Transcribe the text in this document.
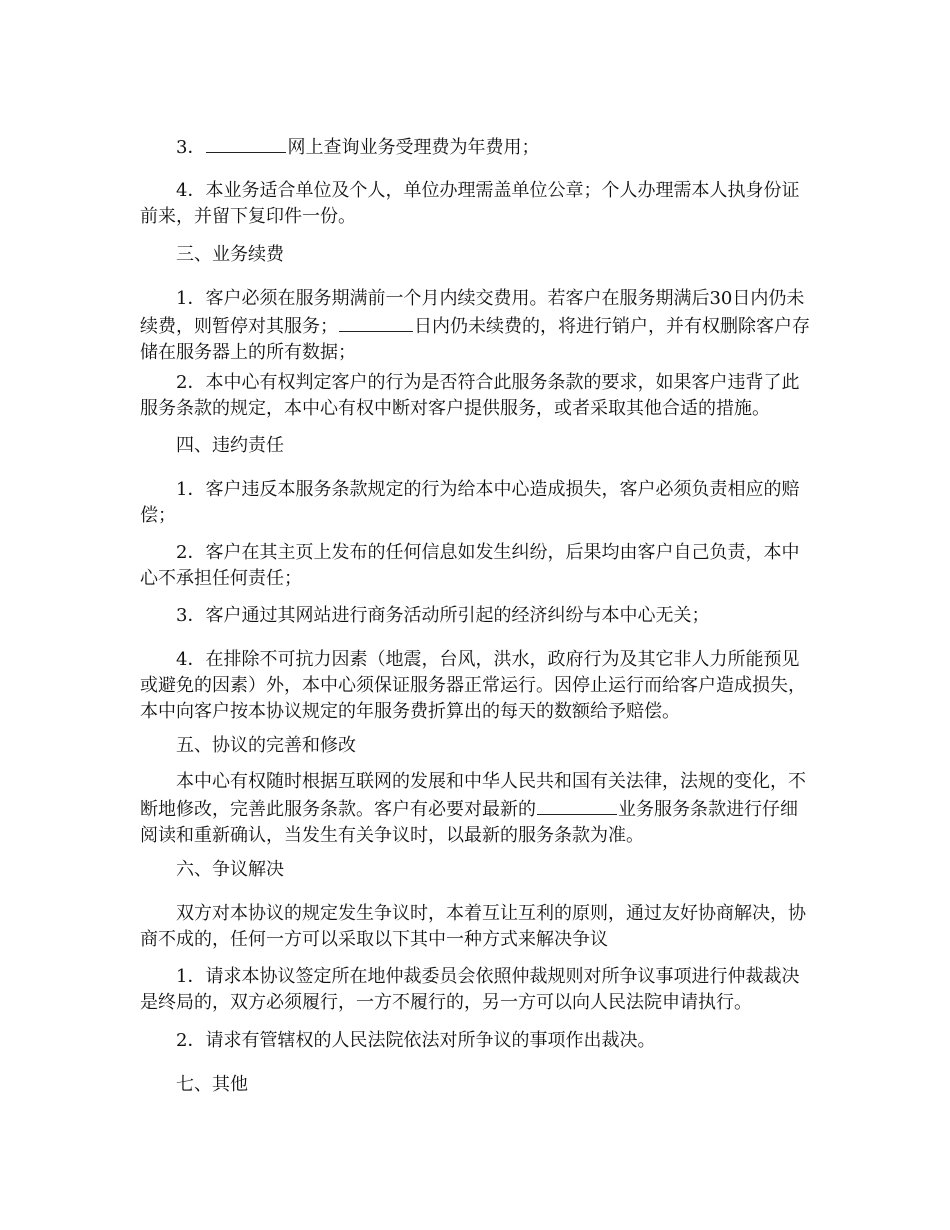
3．	网上查询业务受理费为年费用；

4．本业务适合单位及个人，单位办理需盖单位公章；个人办理需本人执身份证前来，并留下复印件一份。

三、业务续费

1．客户必须在服务期满前一个月内续交费用。若客户在服务期满后30日内仍未续费，则暂停对其服务；	日内仍未续费的，将进行销户，并有权删除客户存储在服务器上的所有数据；

2．本中心有权判定客户的行为是否符合此服务条款的要求，如果客户违背了此服务条款的规定，本中心有权中断对客户提供服务，或者采取其他合适的措施。

四、违约责任

1．客户违反本服务条款规定的行为给本中心造成损失，客户必须负责相应的赔偿；

2．客户在其主页上发布的任何信息如发生纠纷，后果均由客户自己负责，本中心不承担任何责任；

3．客户通过其网站进行商务活动所引起的经济纠纷与本中心无关；

4．在排除不可抗力因素（地震，台风，洪水，政府行为及其它非人力所能预见或避免的因素）外，本中心须保证服务器正常运行。因停止运行而给客户造成损失，本中向客户按本协议规定的年服务费折算出的每天的数额给予赔偿。

五、协议的完善和修改

本中心有权随时根据互联网的发展和中华人民共和国有关法律，法规的变化，不断地修改，完善此服务条款。客户有必要对最新的	业务服务条款进行仔细阅读和重新确认，当发生有关争议时，以最新的服务条款为准。

六、争议解决

双方对本协议的规定发生争议时，本着互让互利的原则，通过友好协商解决，协商不成的，任何一方可以采取以下其中一种方式来解决争议

1．请求本协议签定所在地仲裁委员会依照仲裁规则对所争议事项进行仲裁裁决是终局的，双方必须履行，一方不履行的，另一方可以向人民法院申请执行。

2．请求有管辖权的人民法院依法对所争议的事项作出裁决。

七、其他
